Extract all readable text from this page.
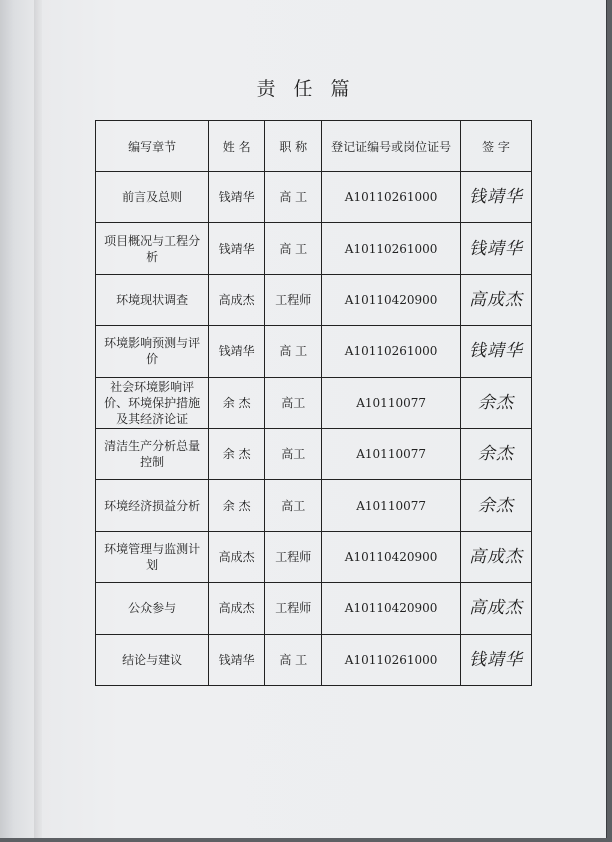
责 任 篇
编写章节	姓 名	职 称	登记证编号或岗位证号	签 字
前言及总则	钱靖华	高 工	A10110261000	钱靖华
项目概况与工程分析	钱靖华	高 工	A10110261000	钱靖华
环境现状调查	高成杰	工程师	A10110420900	高成杰
环境影响预测与评价	钱靖华	高 工	A10110261000	钱靖华
社会环境影响评价、环境保护措施及其经济论证	余 杰	高工	A10110077	余杰
清洁生产分析总量控制	余 杰	高工	A10110077	余杰
环境经济损益分析	余 杰	高工	A10110077	余杰
环境管理与监测计划	高成杰	工程师	A10110420900	高成杰
公众参与	高成杰	工程师	A10110420900	高成杰
结论与建议	钱靖华	高 工	A10110261000	钱靖华
